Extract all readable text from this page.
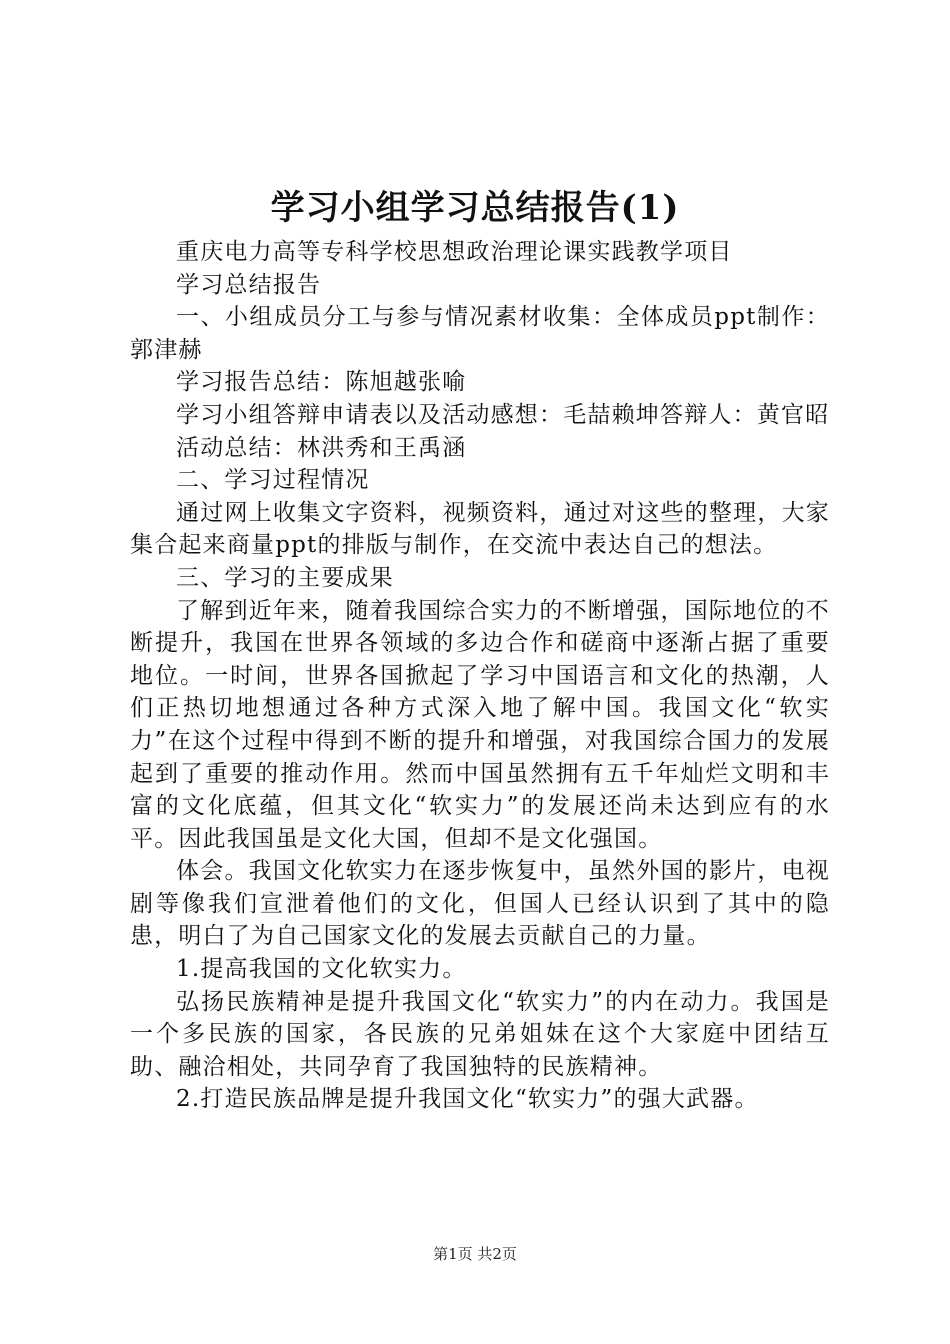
学习小组学习总结报告(1)

重庆电力高等专科学校思想政治理论课实践教学项目

学习总结报告

一、小组成员分工与参与情况素材收集：全体成员ppt制作：郭津赫

学习报告总结：陈旭越张喻

学习小组答辩申请表以及活动感想：毛喆赖坤答辩人：黄官昭

活动总结：林洪秀和王禹涵

二、学习过程情况

通过网上收集文字资料，视频资料，通过对这些的整理，大家集合起来商量ppt的排版与制作，在交流中表达自己的想法。

三、学习的主要成果

了解到近年来，随着我国综合实力的不断增强，国际地位的不断提升，我国在世界各领域的多边合作和磋商中逐渐占据了重要地位。一时间，世界各国掀起了学习中国语言和文化的热潮，人们正热切地想通过各种方式深入地了解中国。我国文化“软实力”在这个过程中得到不断的提升和增强，对我国综合国力的发展起到了重要的推动作用。然而中国虽然拥有五千年灿烂文明和丰富的文化底蕴，但其文化“软实力”的发展还尚未达到应有的水平。因此我国虽是文化大国，但却不是文化强国。

体会。我国文化软实力在逐步恢复中，虽然外国的影片，电视剧等像我们宣泄着他们的文化，但国人已经认识到了其中的隐患，明白了为自己国家文化的发展去贡献自己的力量。

1.提高我国的文化软实力。

弘扬民族精神是提升我国文化“软实力”的内在动力。我国是一个多民族的国家，各民族的兄弟姐妹在这个大家庭中团结互助、融洽相处，共同孕育了我国独特的民族精神。

2.打造民族品牌是提升我国文化“软实力”的强大武器。

第1页 共2页
